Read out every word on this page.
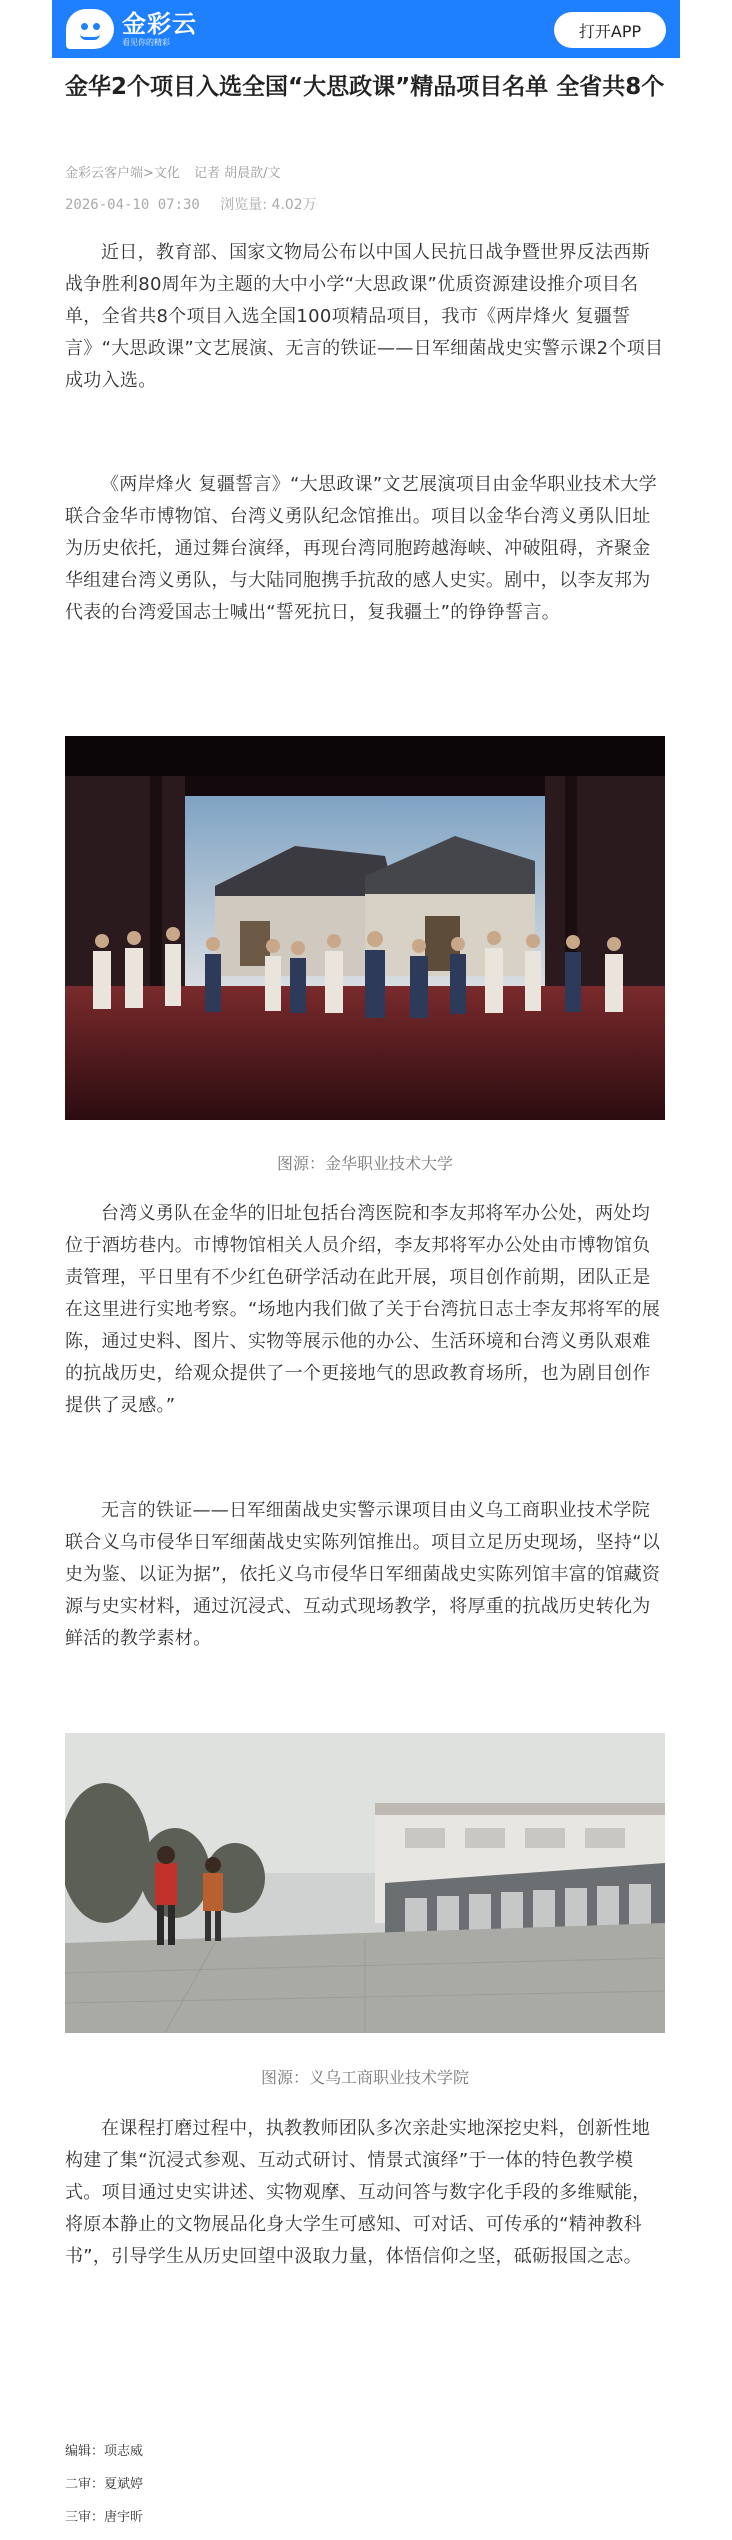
金彩云
看见你的精彩
打开APP
金华2个项目入选全国“大思政课”精品项目名单 全省共8个
金彩云客户端>文化 记者 胡晨歆/文
2026-04-10 07:30 浏览量: 4.02万

近日，教育部、国家文物局公布以中国人民抗日战争暨世界反法西斯战争胜利80周年为主题的大中小学“大思政课”优质资源建设推介项目名单，全省共8个项目入选全国100项精品项目，我市《两岸烽火 复疆誓言》“大思政课”文艺展演、无言的铁证——日军细菌战史实警示课2个项目成功入选。

《两岸烽火 复疆誓言》“大思政课”文艺展演项目由金华职业技术大学联合金华市博物馆、台湾义勇队纪念馆推出。项目以金华台湾义勇队旧址为历史依托，通过舞台演绎，再现台湾同胞跨越海峡、冲破阻碍，齐聚金华组建台湾义勇队，与大陆同胞携手抗敌的感人史实。剧中，以李友邦为代表的台湾爱国志士喊出“誓死抗日，复我疆土”的铮铮誓言。

图源：金华职业技术大学

台湾义勇队在金华的旧址包括台湾医院和李友邦将军办公处，两处均位于酒坊巷内。市博物馆相关人员介绍，李友邦将军办公处由市博物馆负责管理，平日里有不少红色研学活动在此开展，项目创作前期，团队正是在这里进行实地考察。“场地内我们做了关于台湾抗日志士李友邦将军的展陈，通过史料、图片、实物等展示他的办公、生活环境和台湾义勇队艰难的抗战历史，给观众提供了一个更接地气的思政教育场所，也为剧目创作提供了灵感。”

无言的铁证——日军细菌战史实警示课项目由义乌工商职业技术学院联合义乌市侵华日军细菌战史实陈列馆推出。项目立足历史现场，坚持“以史为鉴、以证为据”，依托义乌市侵华日军细菌战史实陈列馆丰富的馆藏资源与史实材料，通过沉浸式、互动式现场教学，将厚重的抗战历史转化为鲜活的教学素材。

图源：义乌工商职业技术学院

在课程打磨过程中，执教教师团队多次亲赴实地深挖史料，创新性地构建了集“沉浸式参观、互动式研讨、情景式演绎”于一体的特色教学模式。项目通过史实讲述、实物观摩、互动问答与数字化手段的多维赋能，将原本静止的文物展品化身大学生可感知、可对话、可传承的“精神教科书”，引导学生从历史回望中汲取力量，体悟信仰之坚，砥砺报国之志。

编辑：项志威
二审：夏斌婷
三审：唐宇昕
